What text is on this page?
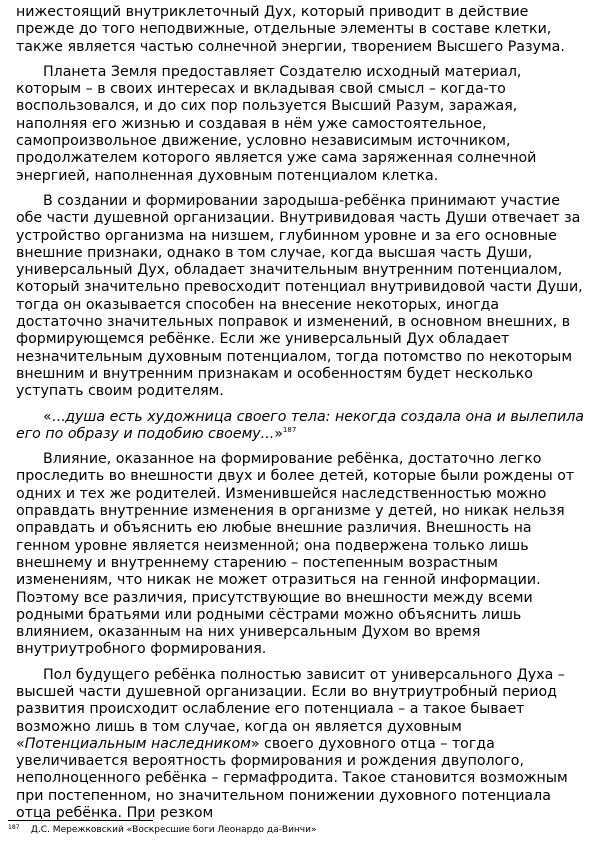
нижестоящий внутриклеточный Дух, который приводит в действие прежде до того неподвижные, отдельные элементы в составе клетки, также является частью солнечной энергии, творением Высшего Разума.

Планета Земля предоставляет Создателю исходный материал, которым – в своих интересах и вкладывая свой смысл – когда-то воспользовался, и до сих пор пользуется Высший Разум, заражая, наполняя его жизнью и создавая в нём уже самостоятельное, самопроизвольное движение, условно независимым источником, продолжателем которого является уже сама заряженная солнечной энергией, наполненная духовным потенциалом клетка.

В создании и формировании зародыша-ребёнка принимают участие обе части душевной организации. Внутривидовая часть Души отвечает за устройство организма на низшем, глубинном уровне и за его основные внешние признаки, однако в том случае, когда высшая часть Души, универсальный Дух, обладает значительным внутренним потенциалом, который значительно превосходит потенциал внутривидовой части Души, тогда он оказывается способен на внесение некоторых, иногда достаточно значительных поправок и изменений, в основном внешних, в формирующемся ребёнке. Если же универсальный Дух обладает незначительным духовным потенциалом, тогда потомство по некоторым внешним и внутренним признакам и особенностям будет несколько уступать своим родителям.

«...душа есть художница своего тела: некогда создала она и вылепила его по образу и подобию своему...»$^{187}$

Влияние, оказанное на формирование ребёнка, достаточно легко проследить во внешности двух и более детей, которые были рождены от одних и тех же родителей. Изменившейся наследственностью можно оправдать внутренние изменения в организме у детей, но никак нельзя оправдать и объяснить ею любые внешние различия. Внешность на генном уровне является неизменной; она подвержена только лишь внешнему и внутреннему старению – постепенным возрастным изменениям, что никак не может отразиться на генной информации. Поэтому все различия, присутствующие во внешности между всеми родными братьями или родными сёстрами можно объяснить лишь влиянием, оказанным на них универсальным Духом во время внутриутробного формирования.

Пол будущего ребёнка полностью зависит от универсального Духа – высшей части душевной организации. Если во внутриутробный период развития происходит ослабление его потенциала – а такое бывает возможно лишь в том случае, когда он является духовным «Потенциальным наследником» своего духовного отца – тогда увеличивается вероятность формирования и рождения двуполого, неполноценного ребёнка – гермафродита. Такое становится возможным при постепенном, но значительном понижении духовного потенциала отца ребёнка. При резком

$^{187}$ Д.С. Мережковский «Воскресшие боги Леонардо да-Винчи»
